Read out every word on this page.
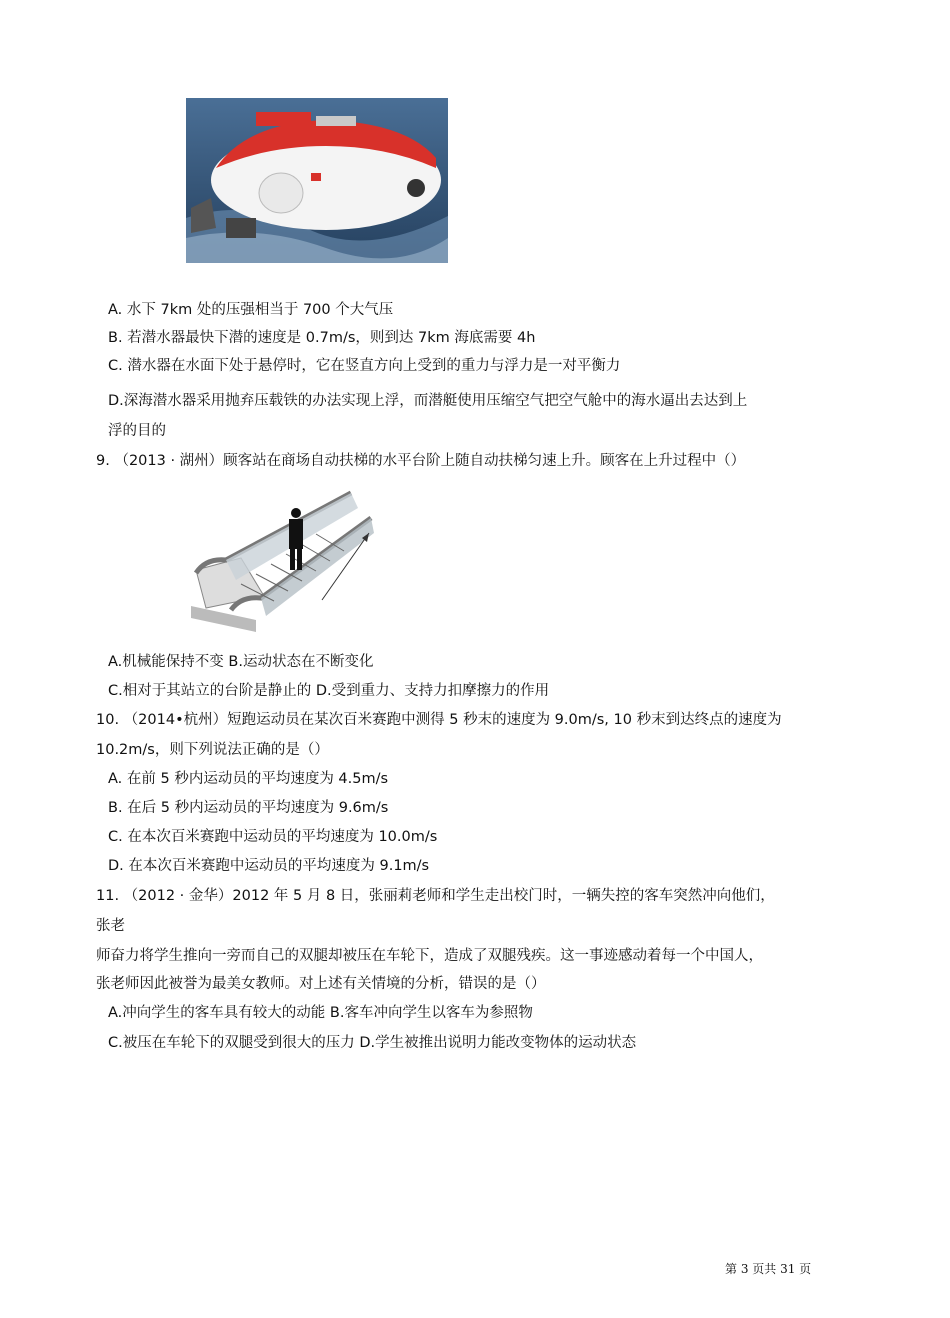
A. 水下 7km 处的压强相当于 700 个大气压
B. 若潜水器最快下潜的速度是 0.7m/s，则到达 7km 海底需要 4h
C. 潜水器在水面下处于悬停时，它在竖直方向上受到的重力与浮力是一对平衡力
D.深海潜水器采用抛弃压载铁的办法实现上浮，而潜艇使用压缩空气把空气舱中的海水逼出去达到上
浮的目的
9. （2013 · 湖州）顾客站在商场自动扶梯的水平台阶上随自动扶梯匀速上升。顾客在上升过程中（）
A.机械能保持不变 B.运动状态在不断变化
C.相对于其站立的台阶是静止的 D.受到重力、支持力扣摩擦力的作用
10. （2014•杭州）短跑运动员在某次百米赛跑中测得 5 秒末的速度为 9.0m/s, 10 秒末到达终点的速度为
10.2m/s，则下列说法正确的是（）
A. 在前 5 秒内运动员的平均速度为 4.5m/s
B. 在后 5 秒内运动员的平均速度为 9.6m/s
C. 在本次百米赛跑中运动员的平均速度为 10.0m/s
D. 在本次百米赛跑中运动员的平均速度为 9.1m/s
11. （2012 · 金华）2012 年 5 月 8 日，张丽莉老师和学生走出校门时，一辆失控的客车突然冲向他们，
张老
师奋力将学生推向一旁而自己的双腿却被压在车轮下，造成了双腿残疾。这一事迹感动着每一个中国人，
张老师因此被誉为最美女教师。对上述有关情境的分析，错误的是（）
A.冲向学生的客车具有较大的动能 B.客车冲向学生以客车为参照物
C.被压在车轮下的双腿受到很大的压力 D.学生被推出说明力能改变物体的运动状态
第 3 页共 31 页
